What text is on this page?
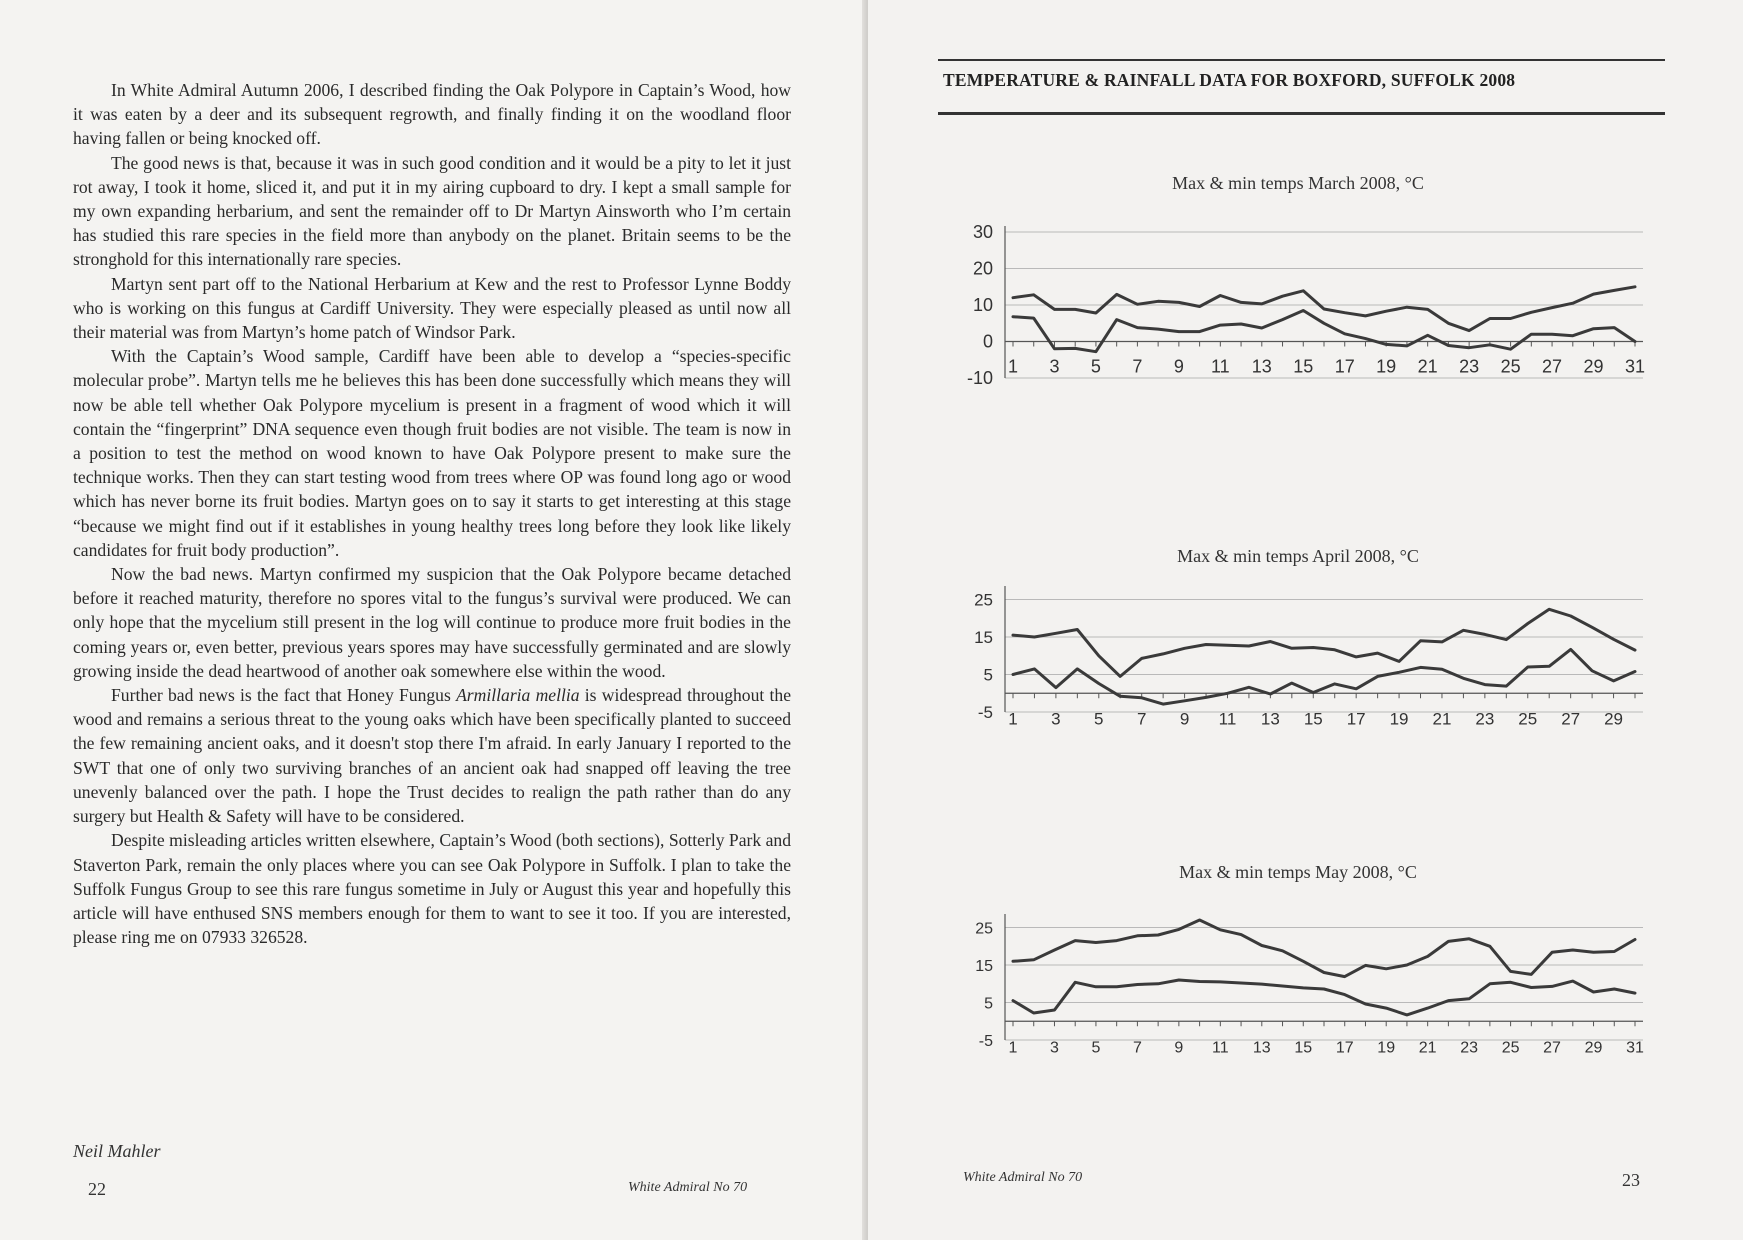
In White Admiral Autumn 2006, I described finding the Oak Polypore in Captain’s Wood, how it was eaten by a deer and its subsequent regrowth, and finally finding it on the woodland floor having fallen or being knocked off.

The good news is that, because it was in such good condition and it would be a pity to let it just rot away, I took it home, sliced it, and put it in my airing cupboard to dry. I kept a small sample for my own expanding herbarium, and sent the remainder off to Dr Martyn Ainsworth who I’m certain has studied this rare species in the field more than anybody on the planet. Britain seems to be the stronghold for this internationally rare species.

Martyn sent part off to the National Herbarium at Kew and the rest to Professor Lynne Boddy who is working on this fungus at Cardiff University. They were especially pleased as until now all their material was from Martyn’s home patch of Windsor Park.

With the Captain’s Wood sample, Cardiff have been able to develop a “species-specific molecular probe”. Martyn tells me he believes this has been done successfully which means they will now be able tell whether Oak Polypore mycelium is present in a fragment of wood which it will contain the “fingerprint” DNA sequence even though fruit bodies are not visible. The team is now in a position to test the method on wood known to have Oak Polypore present to make sure the technique works. Then they can start testing wood from trees where OP was found long ago or wood which has never borne its fruit bodies. Martyn goes on to say it starts to get interesting at this stage “because we might find out if it establishes in young healthy trees long before they look like likely candidates for fruit body production”.

Now the bad news. Martyn confirmed my suspicion that the Oak Polypore became detached before it reached maturity, therefore no spores vital to the fungus’s survival were produced. We can only hope that the mycelium still present in the log will continue to produce more fruit bodies in the coming years or, even better, previous years spores may have successfully germinated and are slowly growing inside the dead heartwood of another oak somewhere else within the wood.

Further bad news is the fact that Honey Fungus Armillaria mellia is widespread throughout the wood and remains a serious threat to the young oaks which have been specifically planted to succeed the few remaining ancient oaks, and it doesn't stop there I'm afraid. In early January I reported to the SWT that one of only two surviving branches of an ancient oak had snapped off leaving the tree unevenly balanced over the path. I hope the Trust decides to realign the path rather than do any surgery but Health & Safety will have to be considered.

Despite misleading articles written elsewhere, Captain’s Wood (both sections), Sotterly Park and Staverton Park, remain the only places where you can see Oak Polypore in Suffolk. I plan to take the Suffolk Fungus Group to see this rare fungus sometime in July or August this year and hopefully this article will have enthused SNS members enough for them to want to see it too. If you are interested, please ring me on 07933 326528.

Neil Mahler
22	White Admiral No 70
TEMPERATURE & RAINFALL DATA FOR BOXFORD, SUFFOLK 2008
Max & min temps March 2008, °C
-10
0
10
20
30
1 3 5 7 9 11 13 15 17 19 21 23 25 27 29 31
Max & min temps April 2008, °C
-5
5
15
25
1 3 5 7 9 11 13 15 17 19 21 23 25 27 29
Max & min temps May 2008, °C
-5
5
15
25
1 3 5 7 9 11 13 15 17 19 21 23 25 27 29 31
White Admiral No 70	23
